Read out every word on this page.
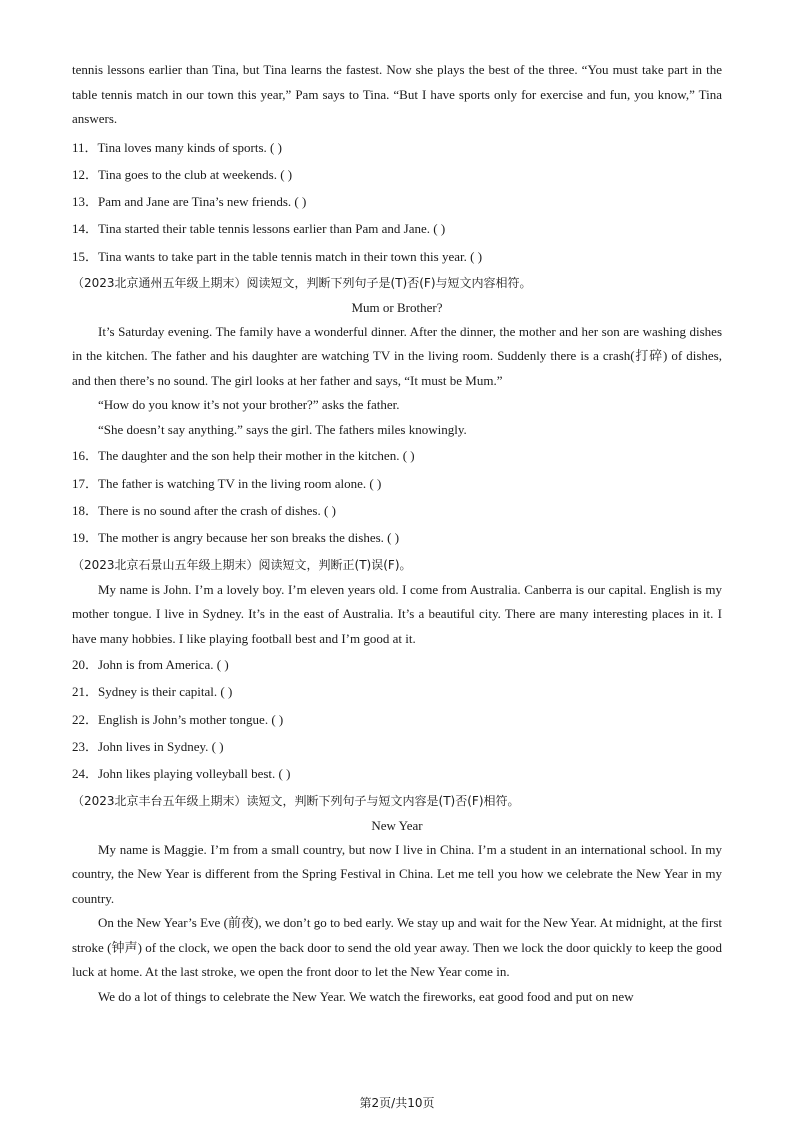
tennis lessons earlier than Tina, but Tina learns the fastest. Now she plays the best of the three. “You must take part in the table tennis match in our town this year,” Pam says to Tina. “But I have sports only for exercise and fun, you know,” Tina answers.

11．Tina loves many kinds of sports. ( )

12．Tina goes to the club at weekends. ( )

13．Pam and Jane are Tina’s new friends. ( )

14．Tina started their table tennis lessons earlier than Pam and Jane. ( )

15．Tina wants to take part in the table tennis match in their town this year. ( )

（2023北京通州五年级上期末）阅读短文，判断下列句子是(T)否(F)与短文内容相符。

Mum or Brother?

It’s Saturday evening. The family have a wonderful dinner. After the dinner, the mother and her son are washing dishes in the kitchen. The father and his daughter are watching TV in the living room. Suddenly there is a crash(打碎) of dishes, and then there’s no sound. The girl looks at her father and says, “It must be Mum.”

“How do you know it’s not your brother?” asks the father.

“She doesn’t say anything.” says the girl. The fathers miles knowingly.

16．The daughter and the son help their mother in the kitchen. ( )

17．The father is watching TV in the living room alone. ( )

18．There is no sound after the crash of dishes. ( )

19．The mother is angry because her son breaks the dishes. ( )

（2023北京石景山五年级上期末）阅读短文，判断正(T)误(F)。

My name is John. I’m a lovely boy. I’m eleven years old. I come from Australia. Canberra is our capital. English is my mother tongue. I live in Sydney. It’s in the east of Australia. It’s a beautiful city. There are many interesting places in it. I have many hobbies. I like playing football best and I’m good at it.

20．John is from America. ( )

21．Sydney is their capital. ( )

22．English is John’s mother tongue. ( )

23．John lives in Sydney. ( )

24．John likes playing volleyball best. ( )

（2023北京丰台五年级上期末）读短文，判断下列句子与短文内容是(T)否(F)相符。

New Year

My name is Maggie. I’m from a small country, but now I live in China. I’m a student in an international school. In my country, the New Year is different from the Spring Festival in China. Let me tell you how we celebrate the New Year in my country.

On the New Year’s Eve (前夜), we don’t go to bed early. We stay up and wait for the New Year. At midnight, at the first stroke (钟声) of the clock, we open the back door to send the old year away. Then we lock the door quickly to keep the good luck at home. At the last stroke, we open the front door to let the New Year come in.

We do a lot of things to celebrate the New Year. We watch the fireworks, eat good food and put on new

第2页/共10页
